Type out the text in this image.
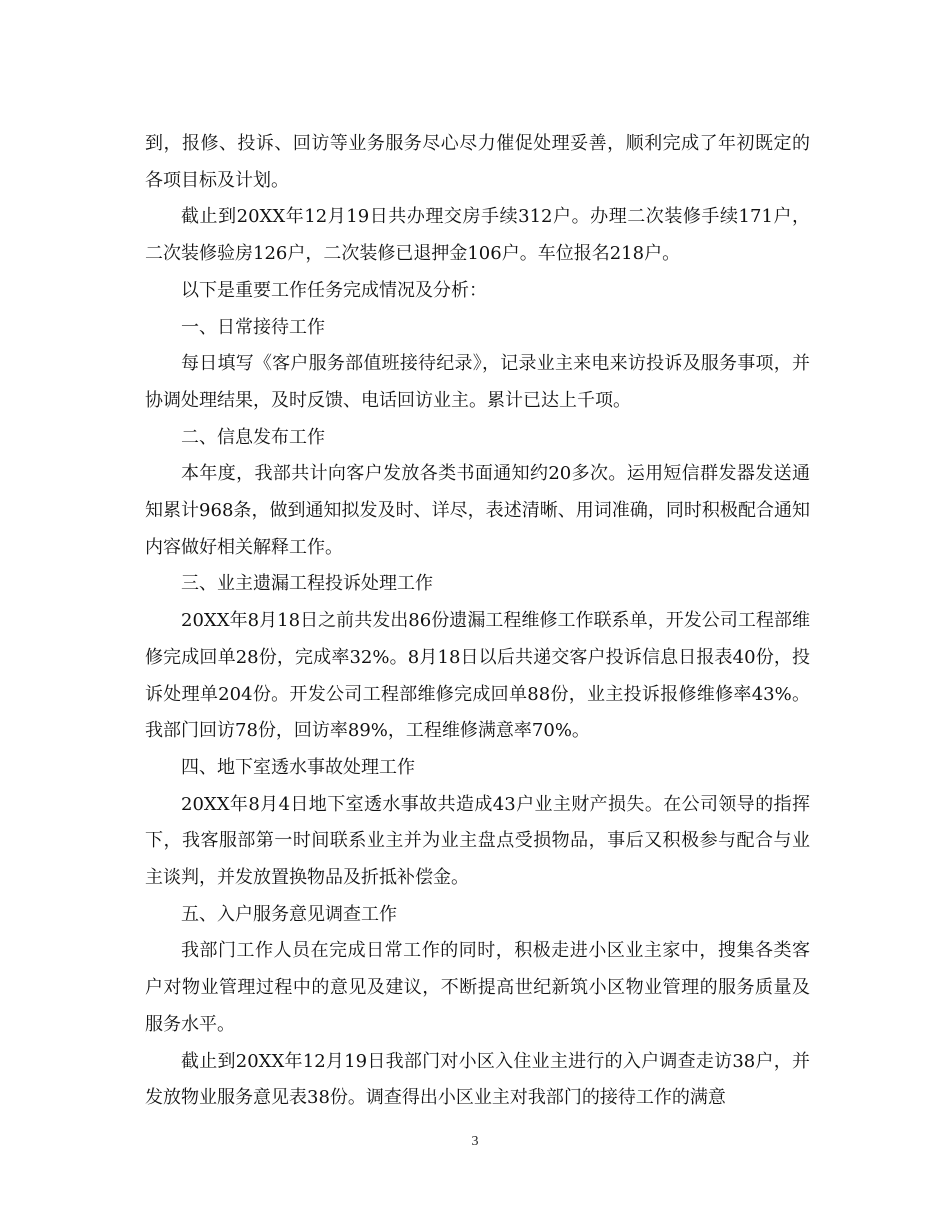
到，报修、投诉、回访等业务服务尽心尽力催促处理妥善，顺利完成了年初既定的各项目标及计划。

截止到20XX年12月19日共办理交房手续312户。办理二次装修手续171户，二次装修验房126户，二次装修已退押金106户。车位报名218户。

以下是重要工作任务完成情况及分析：

一、日常接待工作

每日填写《客户服务部值班接待纪录》，记录业主来电来访投诉及服务事项，并协调处理结果，及时反馈、电话回访业主。累计已达上千项。

二、信息发布工作

本年度，我部共计向客户发放各类书面通知约20多次。运用短信群发器发送通知累计968条，做到通知拟发及时、详尽，表述清晰、用词准确，同时积极配合通知内容做好相关解释工作。

三、业主遗漏工程投诉处理工作

20XX年8月18日之前共发出86份遗漏工程维修工作联系单，开发公司工程部维修完成回单28份，完成率32%。8月18日以后共递交客户投诉信息日报表40份，投诉处理单204份。开发公司工程部维修完成回单88份，业主投诉报修维修率43%。我部门回访78份，回访率89%，工程维修满意率70%。

四、地下室透水事故处理工作

20XX年8月4日地下室透水事故共造成43户业主财产损失。在公司领导的指挥下，我客服部第一时间联系业主并为业主盘点受损物品，事后又积极参与配合与业主谈判，并发放置换物品及折抵补偿金。

五、入户服务意见调查工作

我部门工作人员在完成日常工作的同时，积极走进小区业主家中，搜集各类客户对物业管理过程中的意见及建议，不断提高世纪新筑小区物业管理的服务质量及服务水平。

截止到20XX年12月19日我部门对小区入住业主进行的入户调查走访38户，并发放物业服务意见表38份。调查得出小区业主对我部门的接待工作的满意

3
